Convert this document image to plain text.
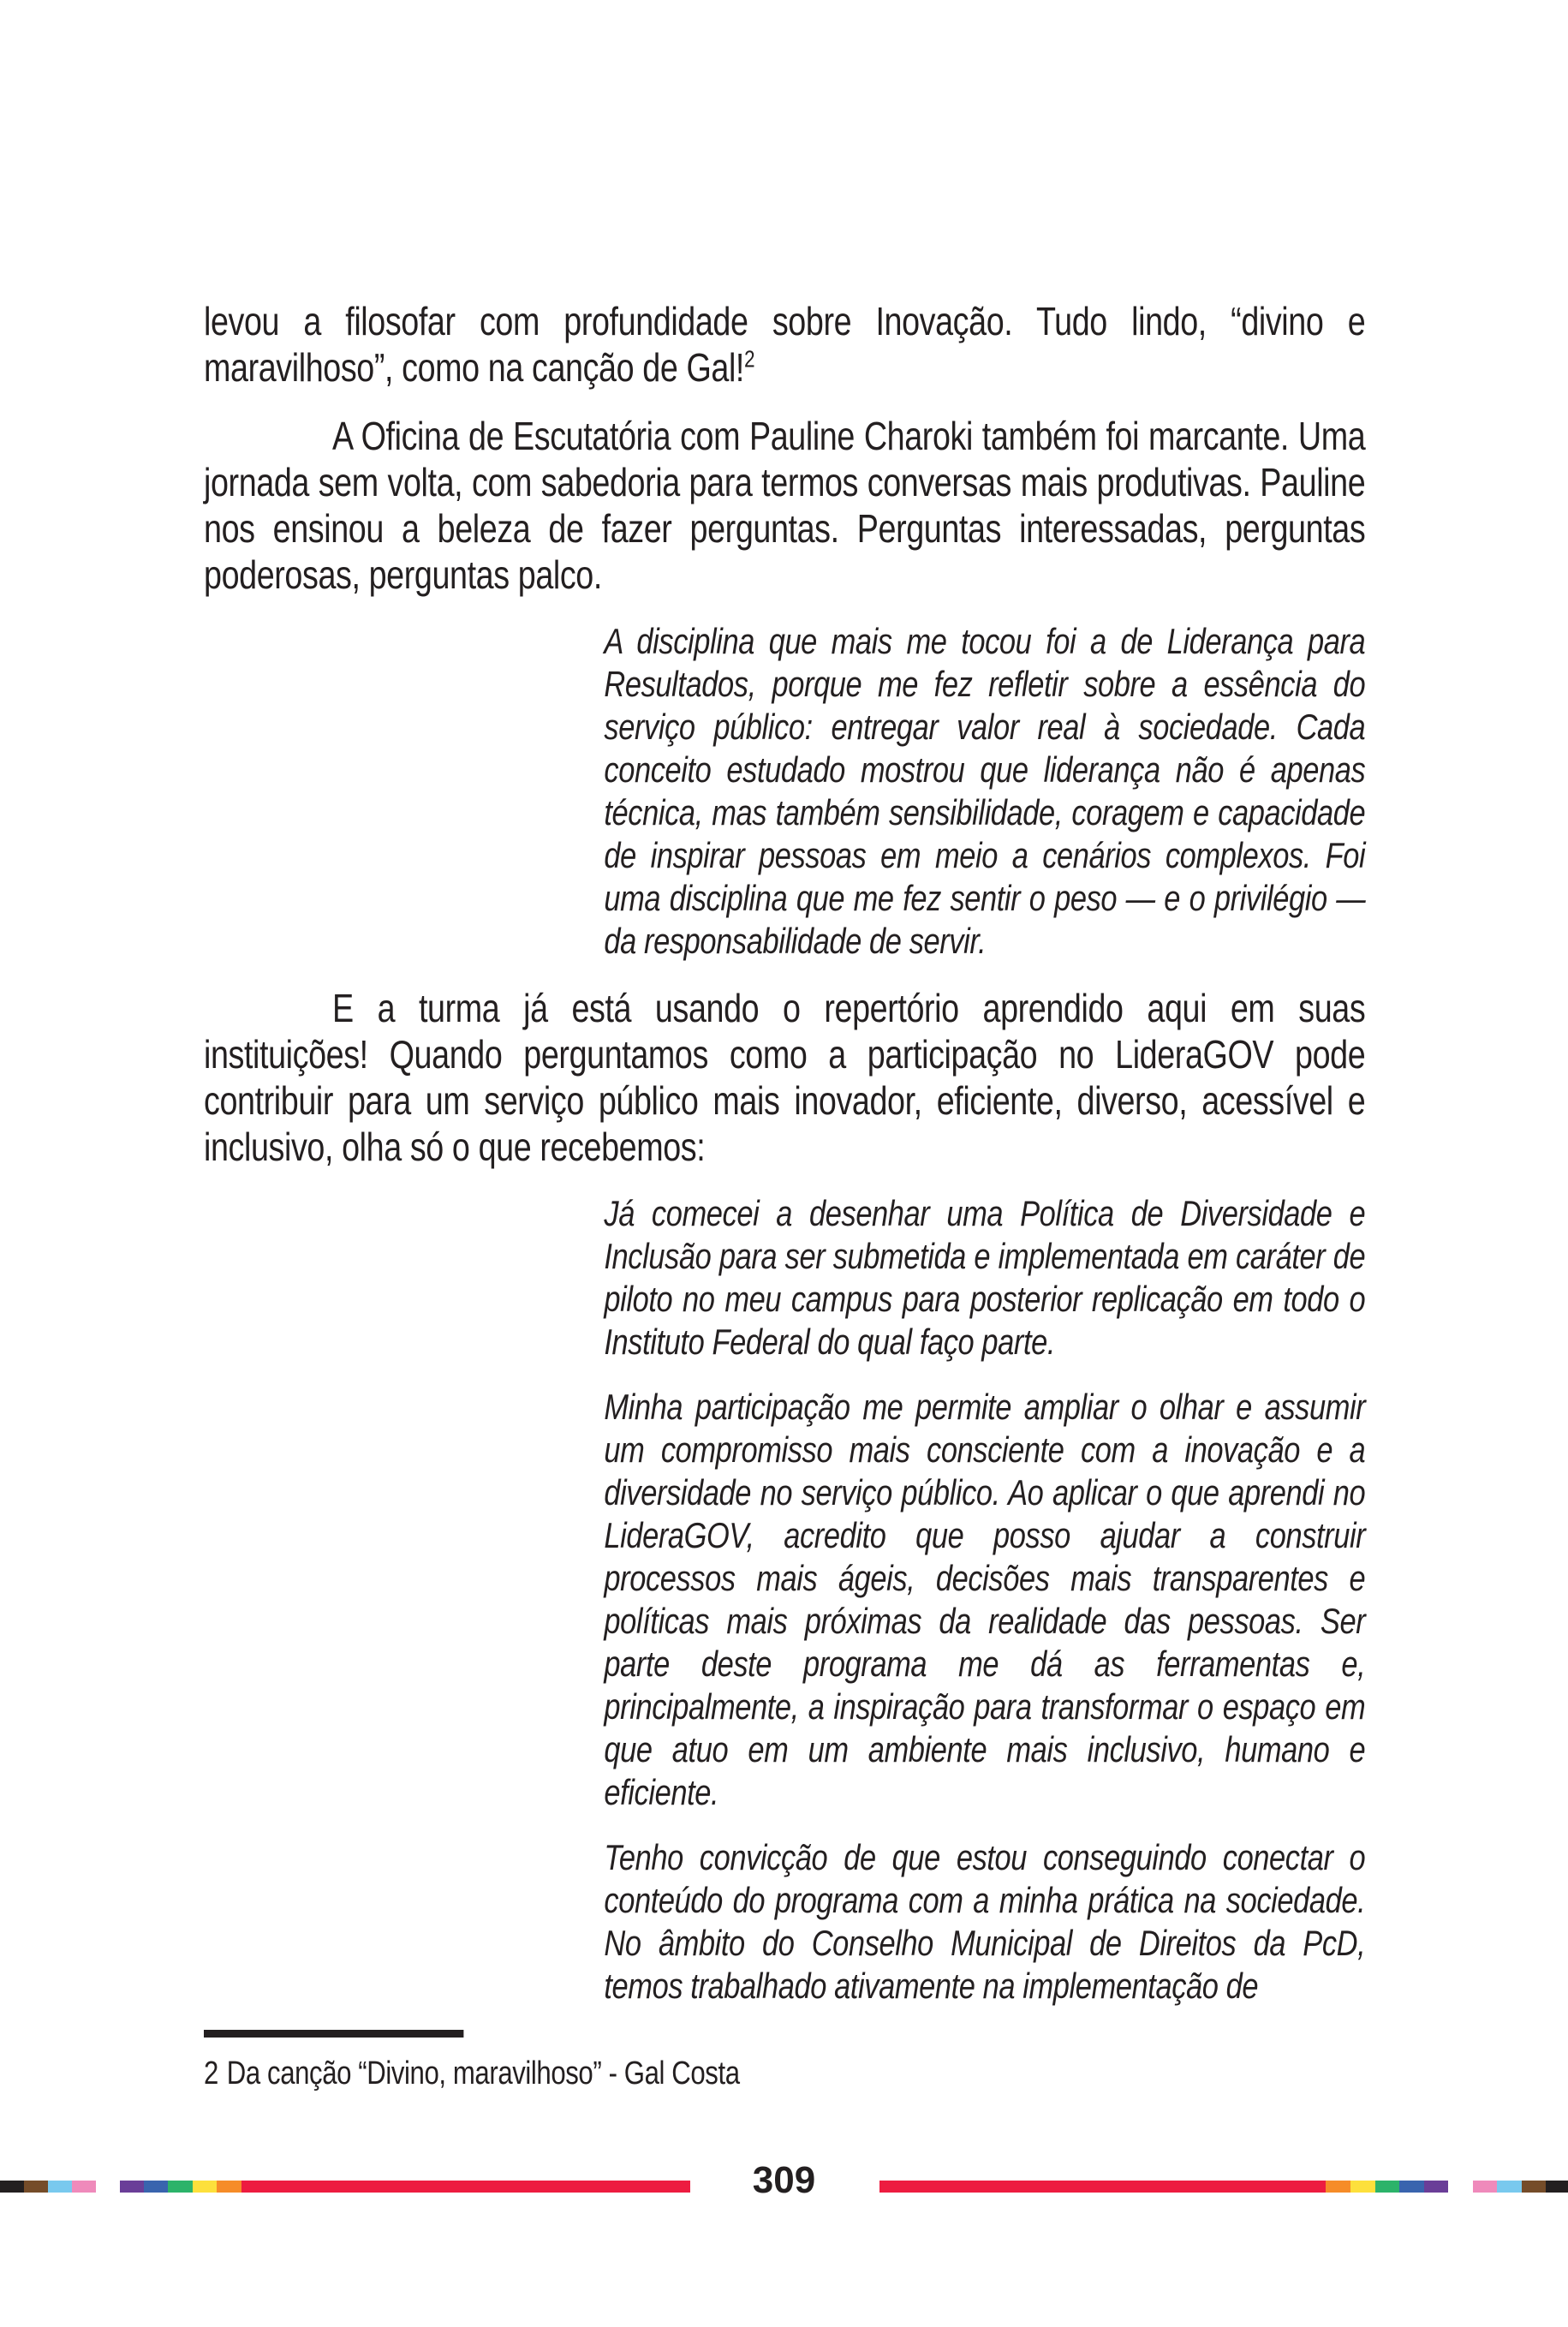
levou a filosofar com profundidade sobre Inovação. Tudo lindo, “divino e maravilhoso”, como na canção de Gal!$^2$

A Oficina de Escutatória com Pauline Charoki também foi marcante. Uma jornada sem volta, com sabedoria para termos conversas mais produtivas. Pauline nos ensinou a beleza de fazer perguntas. Perguntas interessadas, perguntas poderosas, perguntas palco.

A disciplina que mais me tocou foi a de Liderança para Resultados, porque me fez refletir sobre a essência do serviço público: entregar valor real à sociedade. Cada conceito estudado mostrou que liderança não é apenas técnica, mas também sensibilidade, coragem e capacidade de inspirar pessoas em meio a cenários complexos. Foi uma disciplina que me fez sentir o peso — e o privilégio — da responsabilidade de servir.

E a turma já está usando o repertório aprendido aqui em suas instituições! Quando perguntamos como a participação no LideraGOV pode contribuir para um serviço público mais inovador, eficiente, diverso, acessível e inclusivo, olha só o que recebemos:

Já comecei a desenhar uma Política de Diversidade e Inclusão para ser submetida e implementada em caráter de piloto no meu campus para posterior replicação em todo o Instituto Federal do qual faço parte.

Minha participação me permite ampliar o olhar e assumir um compromisso mais consciente com a inovação e a diversidade no serviço público. Ao aplicar o que aprendi no LideraGOV, acredito que posso ajudar a construir processos mais ágeis, decisões mais transparentes e políticas mais próximas da realidade das pessoas. Ser parte deste programa me dá as ferramentas e, principalmente, a inspiração para transformar o espaço em que atuo em um ambiente mais inclusivo, humano e eficiente.

Tenho convicção de que estou conseguindo conectar o conteúdo do programa com a minha prática na sociedade. No âmbito do Conselho Municipal de Direitos da PcD, temos trabalhado ativamente na implementação de

2 Da canção “Divino, maravilhoso” - Gal Costa
309
